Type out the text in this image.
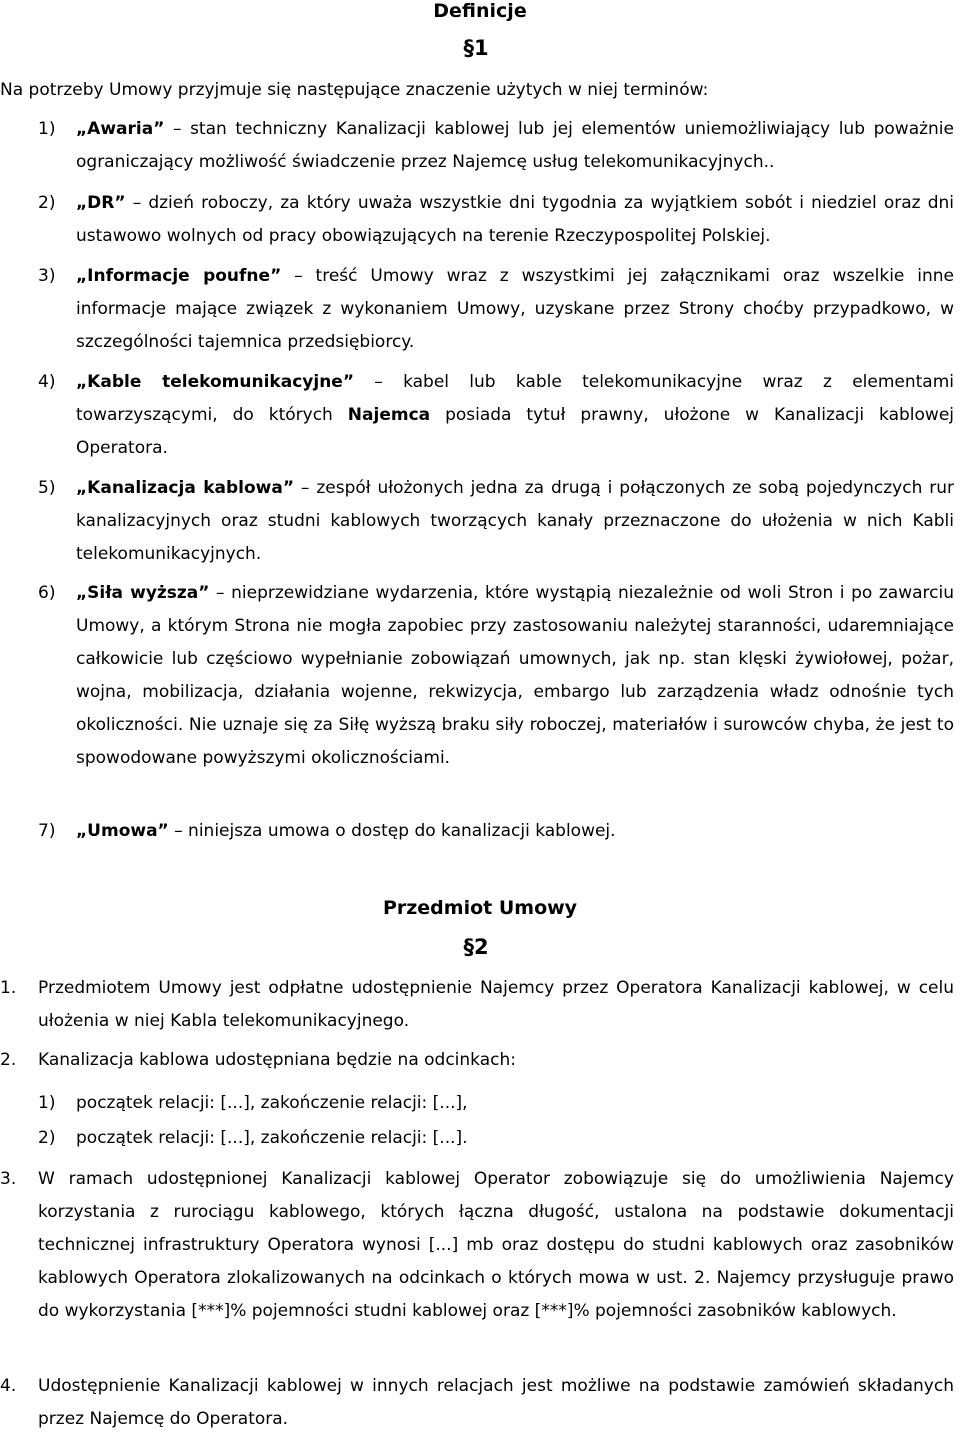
Definicje
§1
Na potrzeby Umowy przyjmuje się następujące znaczenie użytych w niej terminów:
1) „Awaria” – stan techniczny Kanalizacji kablowej lub jej elementów uniemożliwiający lub poważnie ograniczający możliwość świadczenie przez Najemcę usług telekomunikacyjnych..
2) „DR” – dzień roboczy, za który uważa wszystkie dni tygodnia za wyjątkiem sobót i niedziel oraz dni ustawowo wolnych od pracy obowiązujących na terenie Rzeczypospolitej Polskiej.
3) „Informacje poufne” – treść Umowy wraz z wszystkimi jej załącznikami oraz wszelkie inne informacje mające związek z wykonaniem Umowy, uzyskane przez Strony choćby przypadkowo, w szczególności tajemnica przedsiębiorcy.
4) „Kable telekomunikacyjne” – kabel lub kable telekomunikacyjne wraz z elementami towarzyszącymi, do których Najemca posiada tytuł prawny, ułożone w Kanalizacji kablowej Operatora.
5) „Kanalizacja kablowa” – zespół ułożonych jedna za drugą i połączonych ze sobą pojedynczych rur kanalizacyjnych oraz studni kablowych tworzących kanały przeznaczone do ułożenia w nich Kabli telekomunikacyjnych.
6) „Siła wyższa” – nieprzewidziane wydarzenia, które wystąpią niezależnie od woli Stron i po zawarciu Umowy, a którym Strona nie mogła zapobiec przy zastosowaniu należytej staranności, udaremniające całkowicie lub częściowo wypełnianie zobowiązań umownych, jak np. stan klęski żywiołowej, pożar, wojna, mobilizacja, działania wojenne, rekwizycja, embargo lub zarządzenia władz odnośnie tych okoliczności. Nie uznaje się za Siłę wyższą braku siły roboczej, materiałów i surowców chyba, że jest to spowodowane powyższymi okolicznościami.
7) „Umowa” – niniejsza umowa o dostęp do kanalizacji kablowej.
Przedmiot Umowy
§2
1. Przedmiotem Umowy jest odpłatne udostępnienie Najemcy przez Operatora Kanalizacji kablowej, w celu ułożenia w niej Kabla telekomunikacyjnego.
2. Kanalizacja kablowa udostępniana będzie na odcinkach:
1) początek relacji: [...], zakończenie relacji: [...],
2) początek relacji: [...], zakończenie relacji: [...].
3. W ramach udostępnionej Kanalizacji kablowej Operator zobowiązuje się do umożliwienia Najemcy korzystania z rurociągu kablowego, których łączna długość, ustalona na podstawie dokumentacji technicznej infrastruktury Operatora wynosi [...] mb oraz dostępu do studni kablowych oraz zasobników kablowych Operatora zlokalizowanych na odcinkach o których mowa w ust. 2. Najemcy przysługuje prawo do wykorzystania [***]% pojemności studni kablowej oraz [***]% pojemności zasobników kablowych.
4. Udostępnienie Kanalizacji kablowej w innych relacjach jest możliwe na podstawie zamówień składanych przez Najemcę do Operatora.
